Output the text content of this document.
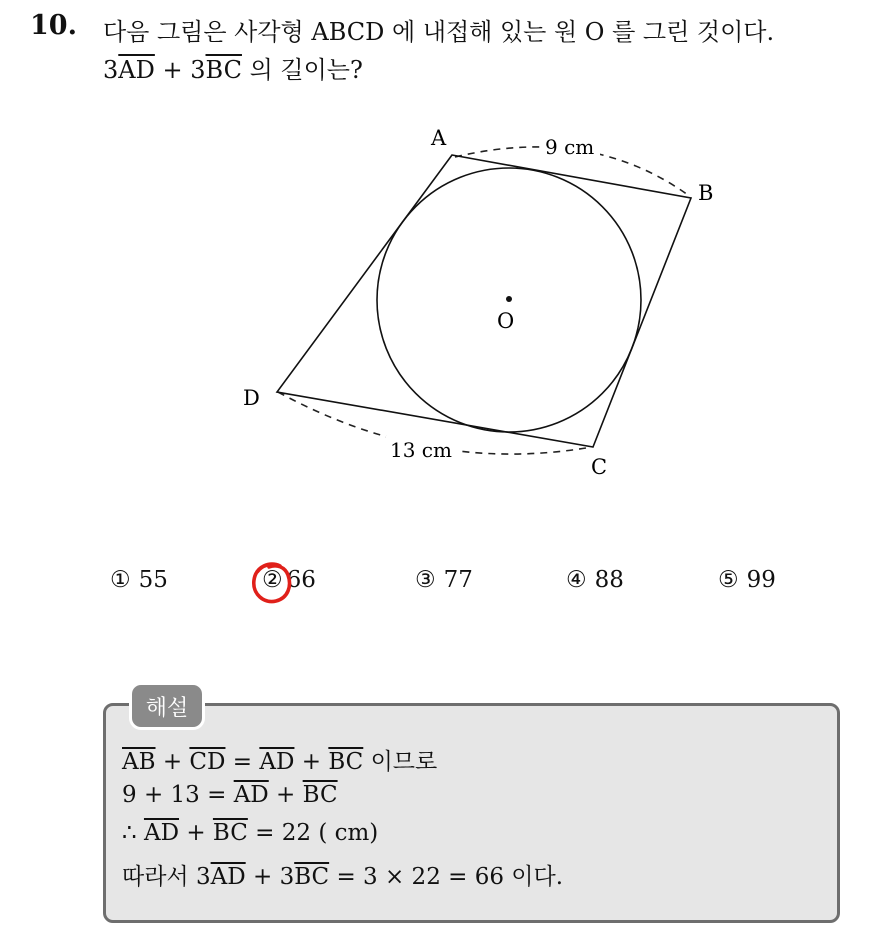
10. 다음 그림은 사각형 ABCD 에 내접해 있는 원 O 를 그린 것이다.
$3\overline{AD} + 3\overline{BC}$ 의 길이는?
A
B
C
D
O
9 cm
13 cm
① 55	② 66	③ 77	④ 88	⑤ 99
해설
$\overline{AB} + \overline{CD} = \overline{AD} + \overline{BC}$ 이므로
$9 + 13 = \overline{AD} + \overline{BC}$
∴ $\overline{AD} + \overline{BC} = 22$ ( cm)
따라서 $3\overline{AD} + 3\overline{BC} = 3 \times 22 = 66$ 이다.
